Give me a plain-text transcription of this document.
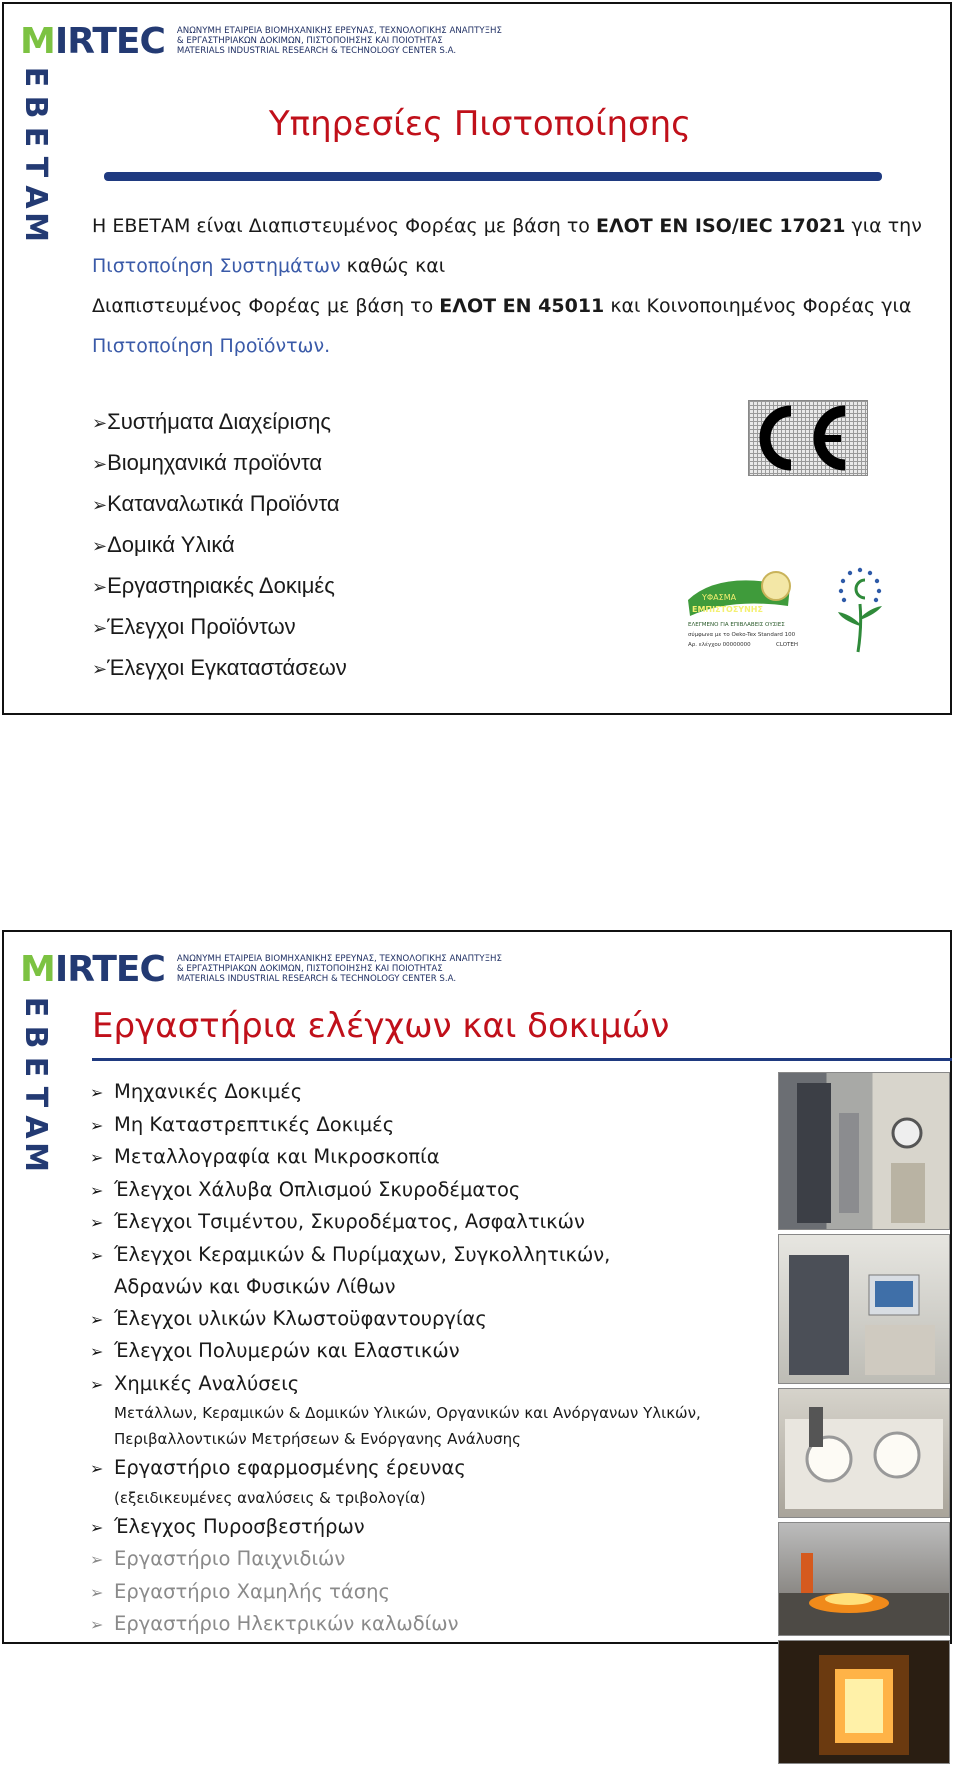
MIRTEC ΑΝΩΝΥΜΗ ΕΤΑΙΡΕΙΑ ΒΙΟΜΗΧΑΝΙΚΗΣ ΕΡΕΥΝΑΣ, ΤΕΧΝΟΛΟΓΙΚΗΣ ΑΝΑΠΤΥΞΗΣ
& ΕΡΓΑΣΤΗΡΙΑΚΩΝ ΔΟΚΙΜΩΝ, ΠΙΣΤΟΠΟΙΗΣΗΣ ΚΑΙ ΠΟΙΟΤΗΤΑΣ
MATERIALS INDUSTRIAL RESEARCH & TECHNOLOGY CENTER S.A.
E
B
E
T
A
M
Υπηρεσίες Πιστοποίησης
Η ΕΒΕΤΑΜ είναι Διαπιστευμένος Φορέας με βάση το ΕΛΟΤ ΕΝ ISO/IEC 17021 για την
Πιστοποίηση Συστημάτων καθώς και
Διαπιστευμένος Φορέας με βάση το ΕΛΟΤ ΕΝ 45011 και Κοινοποιημένος Φορέας για
Πιστοποίηση Προϊόντων.
➢Συστήματα Διαχείρισης
➢Βιομηχανικά προϊόντα
➢Καταναλωτικά Προϊόντα
➢Δομικά Υλικά
➢Εργαστηριακές Δοκιμές
➢Έλεγχοι Προϊόντων
➢Έλεγχοι Εγκαταστάσεων
ΥΦΑΣΜΑ
ΕΜΠΙΣΤΟΣΥΝΗΣ
ΕΛΕΓΜΕΝΟ ΓΙΑ ΕΠΙΒΛΑΒΕΙΣ ΟΥΣΙΕΣ
σύμφωνα με το Oeko-Tex Standard 100
Αρ. ελέγχου 00000000	CLOTEH
MIRTEC ΑΝΩΝΥΜΗ ΕΤΑΙΡΕΙΑ ΒΙΟΜΗΧΑΝΙΚΗΣ ΕΡΕΥΝΑΣ, ΤΕΧΝΟΛΟΓΙΚΗΣ ΑΝΑΠΤΥΞΗΣ
& ΕΡΓΑΣΤΗΡΙΑΚΩΝ ΔΟΚΙΜΩΝ, ΠΙΣΤΟΠΟΙΗΣΗΣ ΚΑΙ ΠΟΙΟΤΗΤΑΣ
MATERIALS INDUSTRIAL RESEARCH & TECHNOLOGY CENTER S.A.
E
B
E
T
A
M
Εργαστήρια ελέγχων και δοκιμών
➢ Μηχανικές Δοκιμές
➢ Μη Καταστρεπτικές Δοκιμές
➢ Μεταλλογραφία και Μικροσκοπία
➢ Έλεγχοι Χάλυβα Οπλισμού Σκυροδέματος
➢ Έλεγχοι Τσιμέντου, Σκυροδέματος, Ασφαλτικών
➢ Έλεγχοι Κεραμικών & Πυρίμαχων, Συγκολλητικών,
Αδρανών και Φυσικών Λίθων
➢ Έλεγχοι υλικών Κλωστοϋφαντουργίας
➢ Έλεγχοι Πολυμερών και Ελαστικών
➢ Χημικές Αναλύσεις
Μετάλλων, Κεραμικών & Δομικών Υλικών, Οργανικών και Ανόργανων Υλικών,
Περιβαλλοντικών Μετρήσεων & Ενόργανης Ανάλυσης
➢ Εργαστήριο εφαρμοσμένης έρευνας
(εξειδικευμένες αναλύσεις & τριβολογία)
➢ Έλεγχος Πυροσβεστήρων
➢ Εργαστήριο Παιχνιδιών
➢ Εργαστήριο Χαμηλής τάσης
➢ Εργαστήριο Ηλεκτρικών καλωδίων
